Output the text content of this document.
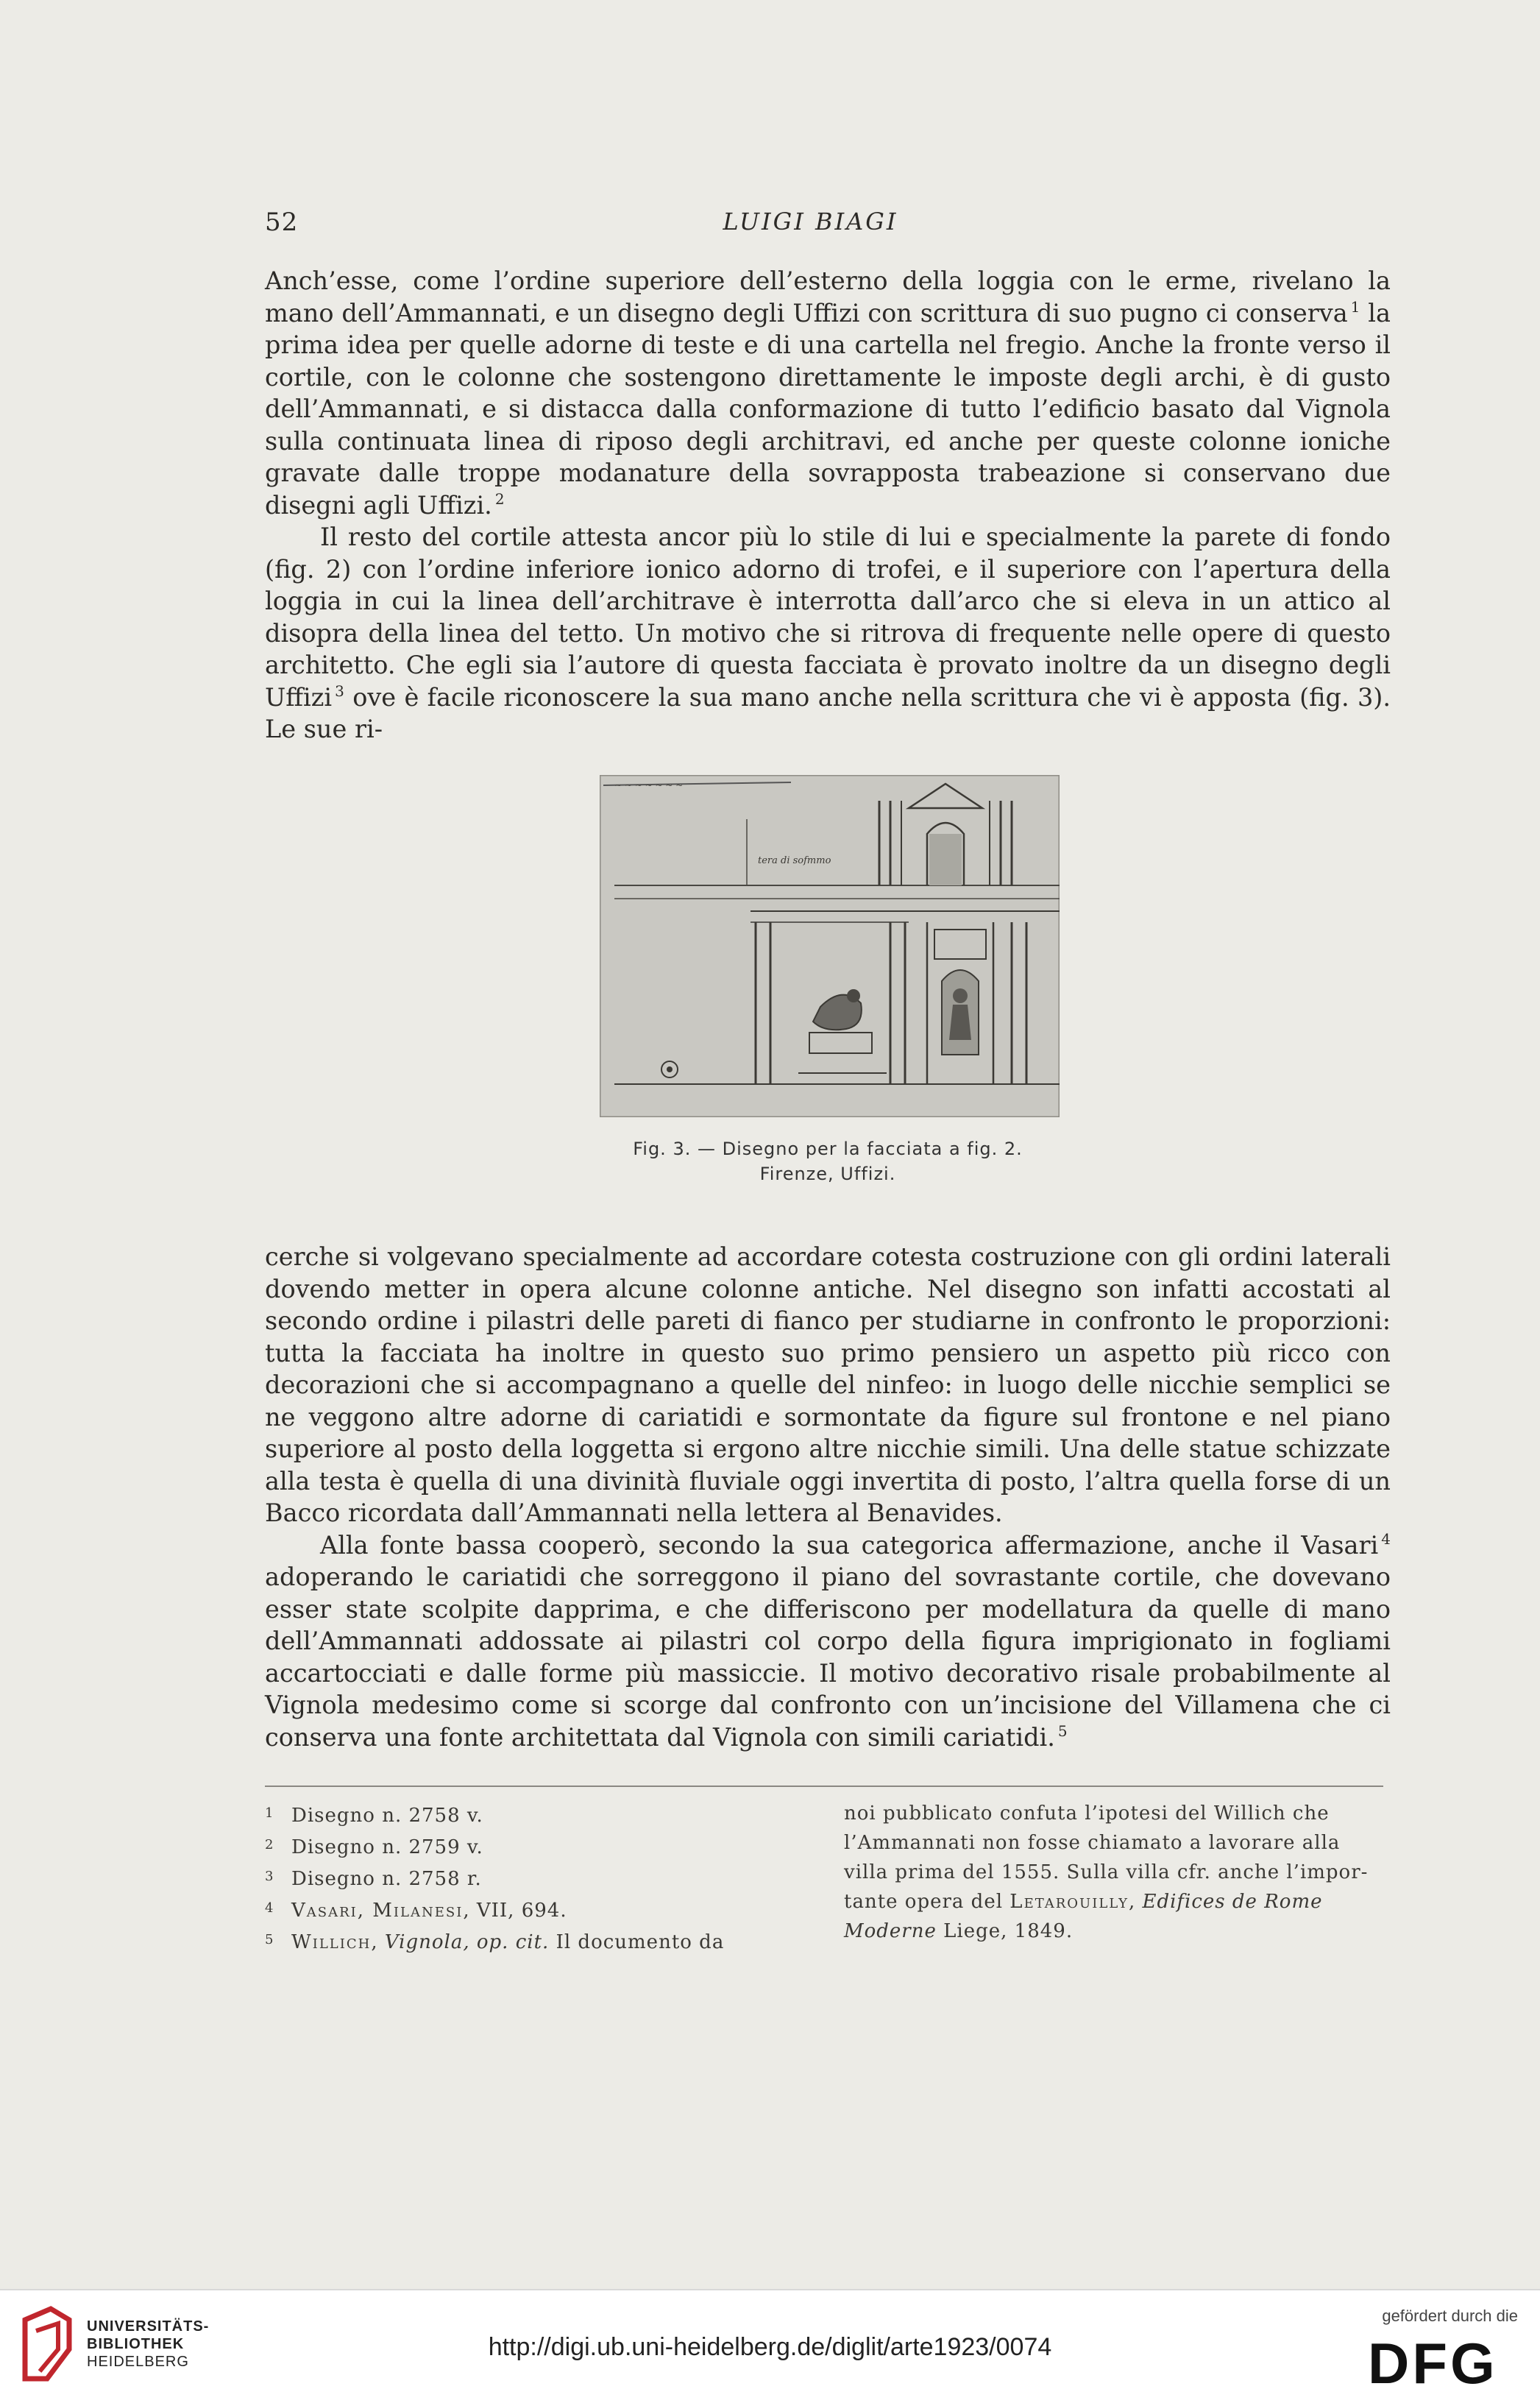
52	LUIGI BIAGI

Anch’esse, come l’ordine superiore dell’esterno della loggia con le erme, rivelano la mano dell’Ammannati, e un disegno degli Uffizi con scrittura di suo pugno ci conserva $^1$ la prima idea per quelle adorne di teste e di una cartella nel fregio. Anche la fronte verso il cortile, con le colonne che sostengono direttamente le imposte degli archi, è di gusto dell’Ammannati, e si distacca dalla conformazione di tutto l’edificio basato dal Vignola sulla continuata linea di riposo degli architravi, ed anche per queste colonne ioniche gravate dalle troppe modanature della sovrapposta trabeazione si conservano due disegni agli Uffizi. $^2$

Il resto del cortile attesta ancor più lo stile di lui e specialmente la parete di fondo (fig. 2) con l’ordine inferiore ionico adorno di trofei, e il superiore con l’apertura della loggia in cui la linea dell’architrave è interrotta dall’arco che si eleva in un attico al disopra della linea del tetto. Un motivo che si ritrova di frequente nelle opere di questo architetto. Che egli sia l’autore di questa facciata è provato inoltre da un disegno degli Uffizi $^3$ ove è facile riconoscere la sua mano anche nella scrittura che vi è apposta (fig. 3). Le sue ri-

~ ~ ~ ~ ~ ~ ~
tera di sofmmo
Fig. 3. — Disegno per la facciata a fig. 2.
Firenze, Uffizi.

cerche si volgevano specialmente ad accordare cotesta costruzione con gli ordini laterali dovendo metter in opera alcune colonne antiche. Nel disegno son infatti accostati al secondo ordine i pilastri delle pareti di fianco per studiarne in confronto le proporzioni: tutta la facciata ha inoltre in questo suo primo pensiero un aspetto più ricco con decorazioni che si accompagnano a quelle del ninfeo: in luogo delle nicchie semplici se ne veggono altre adorne di cariatidi e sormontate da figure sul frontone e nel piano superiore al posto della loggetta si ergono altre nicchie simili. Una delle statue schizzate alla testa è quella di una divinità fluviale oggi invertita di posto, l’altra quella forse di un Bacco ricordata dall’Ammannati nella lettera al Benavides.

Alla fonte bassa cooperò, secondo la sua categorica affermazione, anche il Vasari $^4$ adoperando le cariatidi che sorreggono il piano del sovrastante cortile, che dovevano esser state scolpite dapprima, e che differiscono per modellatura da quelle di mano dell’Ammannati addossate ai pilastri col corpo della figura imprigionato in fogliami accartocciati e dalle forme più massiccie. Il motivo decorativo risale probabilmente al Vignola medesimo come si scorge dal confronto con un’incisione del Villamena che ci conserva una fonte architettata dal Vignola con simili cariatidi. $^5$

1 Disegno n. 2758 v.
2 Disegno n. 2759 v.
3 Disegno n. 2758 r.
4 Vasari, Milanesi, VII, 694.
5 Willich, Vignola, op. cit. Il documento da
noi pubblicato confuta l’ipotesi del Willich che
l’Ammannati non fosse chiamato a lavorare alla
villa prima del 1555. Sulla villa cfr. anche l’impor-
tante opera del Letarouilly, Edifices de Rome
Moderne Liege, 1849.
UNIVERSITÄTS-
BIBLIOTHEK
HEIDELBERG
http://digi.ub.uni-heidelberg.de/diglit/arte1923/0074
gefördert durch die
DFG
